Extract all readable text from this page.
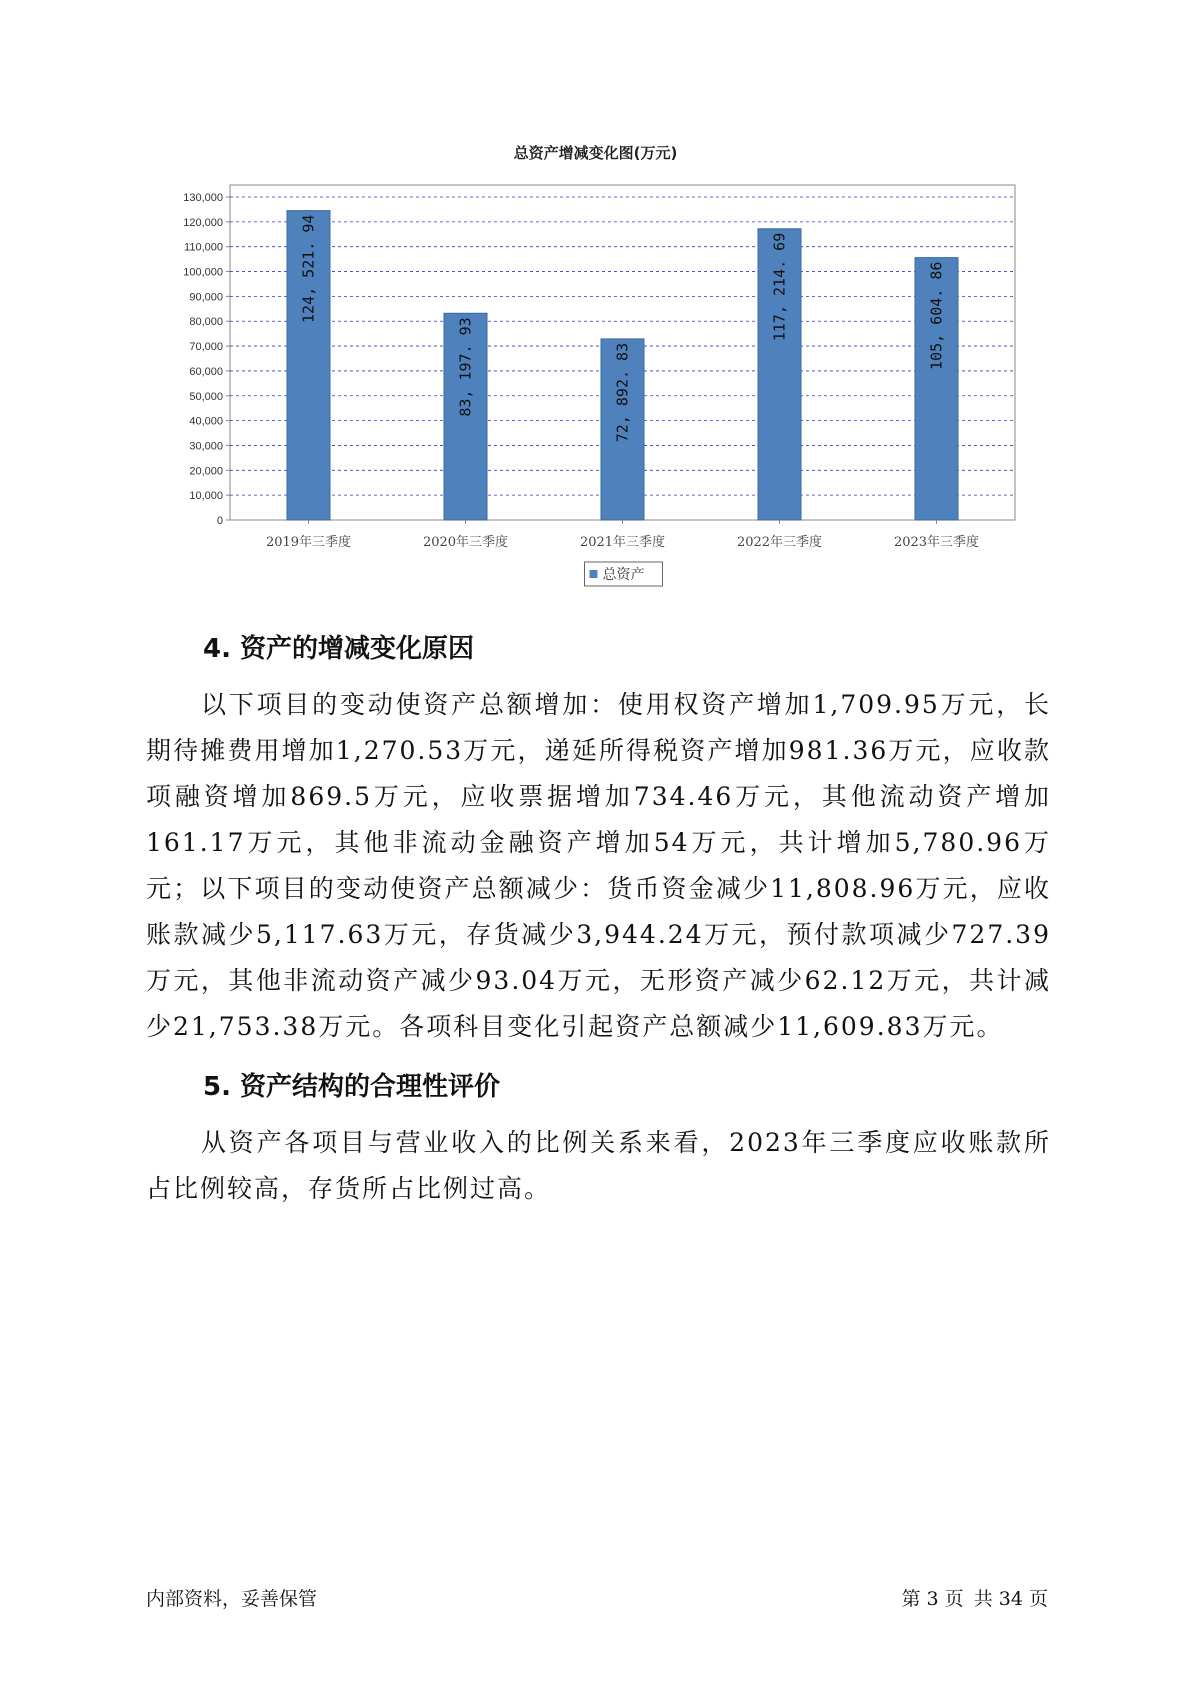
总资产增减变化图(万元)
0
10,000
20,000
30,000
40,000
50,000
60,000
70,000
80,000
90,000
100,000
110,000
120,000
130,000
124, 521. 94
2019年三季度
83, 197. 93
2020年三季度
72, 892. 83
2021年三季度
117, 214. 69
2022年三季度
105, 604. 86
2023年三季度
总资产
4. 资产的增减变化原因

以下项目的变动使资产总额增加：使用权资产增加1,709.95万元，长期待摊费用增加1,270.53万元，递延所得税资产增加981.36万元，应收款项融资增加869.5万元，应收票据增加734.46万元，其他流动资产增加161.17万元，其他非流动金融资产增加54万元，共计增加5,780.96万元；以下项目的变动使资产总额减少：货币资金减少11,808.96万元，应收账款减少5,117.63万元，存货减少3,944.24万元，预付款项减少727.39万元，其他非流动资产减少93.04万元，无形资产减少62.12万元，共计减少21,753.38万元。各项科目变化引起资产总额减少11,609.83万元。

5. 资产结构的合理性评价

从资产各项目与营业收入的比例关系来看，2023年三季度应收账款所占比例较高，存货所占比例过高。

内部资料，妥善保管	第 3 页 共 34 页
